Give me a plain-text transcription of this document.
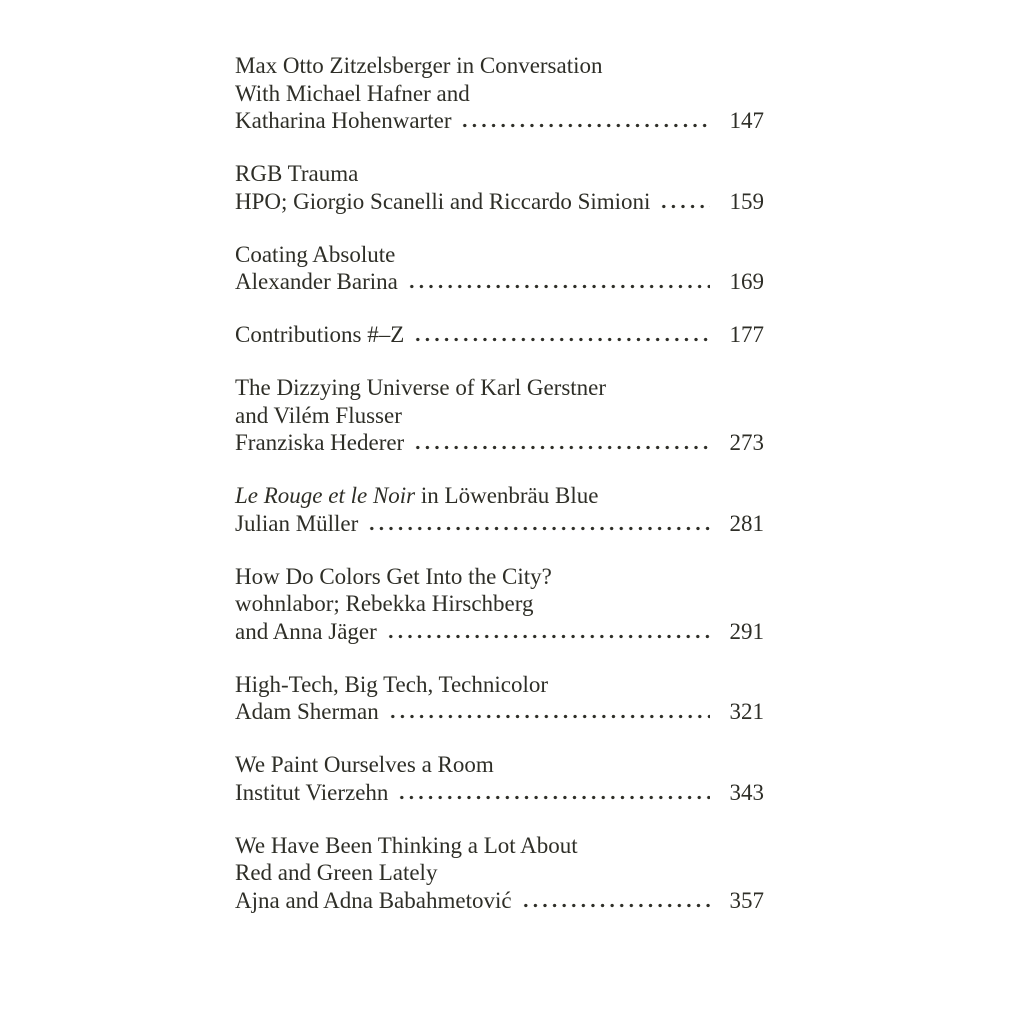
Max Otto Zitzelsberger in Conversation
With Michael Hafner and
Katharina Hohenwarter	147
RGB Trauma
HPO; Giorgio Scanelli and Riccardo Simioni	159
Coating Absolute
Alexander Barina	169
Contributions #–Z	177
The Dizzying Universe of Karl Gerstner
and Vilém Flusser
Franziska Hederer	273
Le Rouge et le Noir in Löwenbräu Blue
Julian Müller	281
How Do Colors Get Into the City?
wohnlabor; Rebekka Hirschberg
and Anna Jäger	291
High-Tech, Big Tech, Technicolor
Adam Sherman	321
We Paint Ourselves a Room
Institut Vierzehn	343
We Have Been Thinking a Lot About
Red and Green Lately
Ajna and Adna Babahmetović	357
